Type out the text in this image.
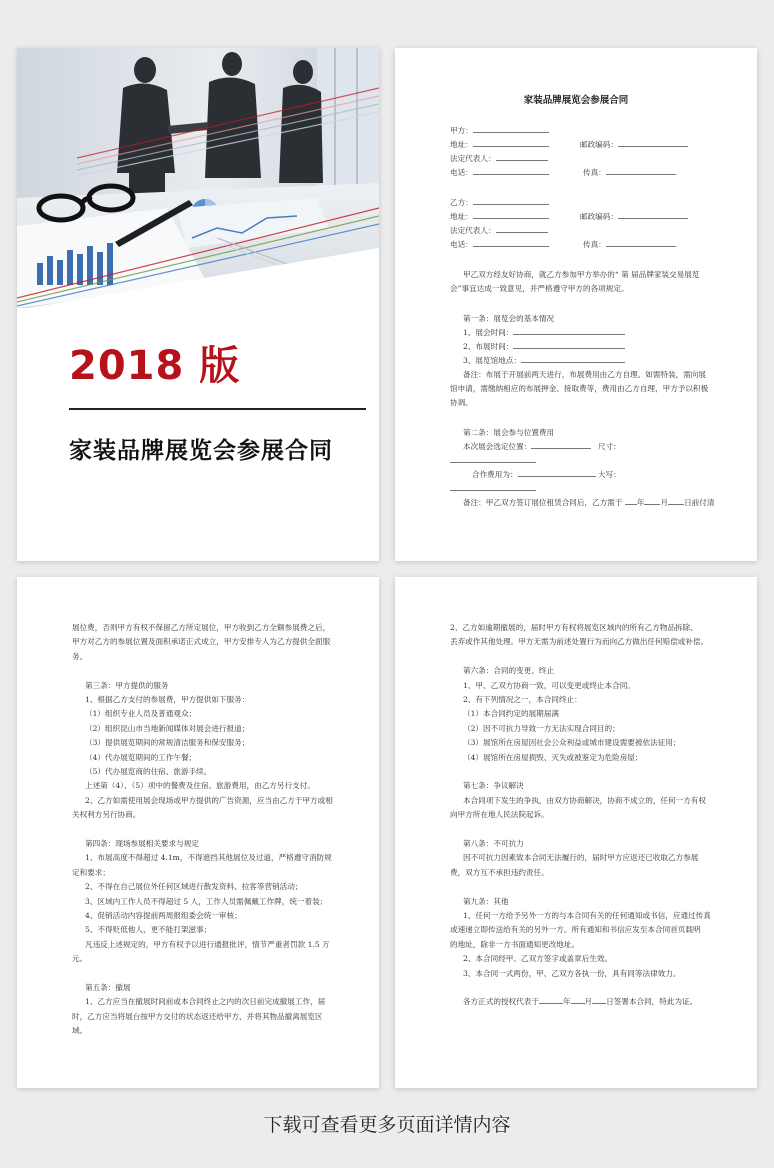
2018 版
家装品牌展览会参展合同
家装品牌展览会参展合同
甲方：
地址：	邮政编码：
法定代表人：
电话：	传真：
乙方：
地址：	邮政编码：
法定代表人：
电话：	传真：
甲乙双方经友好协商，就乙方参加甲方举办的“ 第 届品牌家装交易展览
会”事宜达成一致意见，并严格遵守甲方的各项规定。
第一条：展览会的基本情况
1、展会时间：
2、布展时间：
3、展览馆地点：
备注：布展于开展前两天进行，布展费用由乙方自理。如需特装，需向展
馆申请，需缴纳相应的布展押金、接取费等，费用由乙方自理，甲方予以积极
协调。
第二条：展会参与位置费用
本次展会选定位置：	尺寸：
合作费用为：	大写：
备注：甲乙双方签订展位租赁合同后，乙方需于 年 月 日前付清
展位费，否则甲方有权不保留乙方所定展位，甲方收到乙方全额参展费之后，
甲方对乙方的参展位置及面积承诺正式成立，甲方安排专人为乙方提供全面服
务。
第三条：甲方提供的服务
1、根据乙方支付的参展费，甲方提供如下服务：
（1）组织专业人员及普通观众；
（2）组织昆山市当地新闻媒体对展会进行报道；
（3）提供展览期间的常规清洁服务和保安服务；
（4）代办展览期间的工作午餐；
（5）代办展览商的住宿、旅游手续。
上述第（4）、（5）项中的餐费及住宿、旅游费用，由乙方另行支付。
2、乙方如需使用展会现场或甲方提供的广告资源，应当由乙方于甲方或相
关权利方另行协商。
第四条：现场参展相关要求与规定
1、布展高度不得超过 4.1m，不得遮挡其他展位及过道，严格遵守消防规
定和要求；
2、不得在自己展位外任何区域进行散发资料、拉客等营销活动；
3、区域内工作人员不得超过 5 人，工作人员需佩戴工作牌，统一着装；
4、促销活动内容提前两周报组委会统一审核；
5、不得贬低他人，更不能打架滋事；
凡违反上述规定的，甲方有权予以进行通报批评，情节严重者罚款 1.5 万
元。
第五条：撤展
1、乙方应当在撤展时间前或本合同终止之内的次日前完成撤展工作，届
时，乙方应当将展台按甲方交付的状态返还给甲方，并将其物品撤离展览区
域。
2、乙方如逾期撤展的，届时甲方有权将展览区域内的所有乙方物品拆除、
丢弃或作其他处理。甲方无需为前述处置行为而向乙方做出任何赔偿或补偿。
第六条：合同的变更、终止
1、甲、乙双方协商一致，可以变更或终止本合同。
2、有下列情况之一，本合同终止：
（1）本合同约定的展期届满
（2）因不可抗力导致一方无法实现合同目的；
（3）展馆所在房屋因社会公众利益或城市建设需要被依法征用；
（4）展馆所在房屋损毁、灭失或被鉴定为危险房屋；
第七条：争议解决
本合同项下发生的争执，由双方协商解决，协商不成立的，任何一方有权
向甲方所在地人民法院起诉。
第八条：不可抗力
因不可抗力因素致本合同无法履行的，届时甲方应返还已收取乙方参展
费，双方互不承担违约责任。
第九条：其他
1、任何一方给予另外一方的与本合同有关的任何通知或书信，应通过传真
或速递立即传送给有关的另外一方。所有通知和书信应发至本合同首页载明
的地址，除非一方书面通知更改地址。
2、本合同经甲、乙双方签字或盖章后生效。
3、本合同一式两份，甲、乙双方各执一份，具有同等法律效力。
各方正式的授权代表于	年 月 日签署本合同，特此为证。
下载可查看更多页面详情内容
